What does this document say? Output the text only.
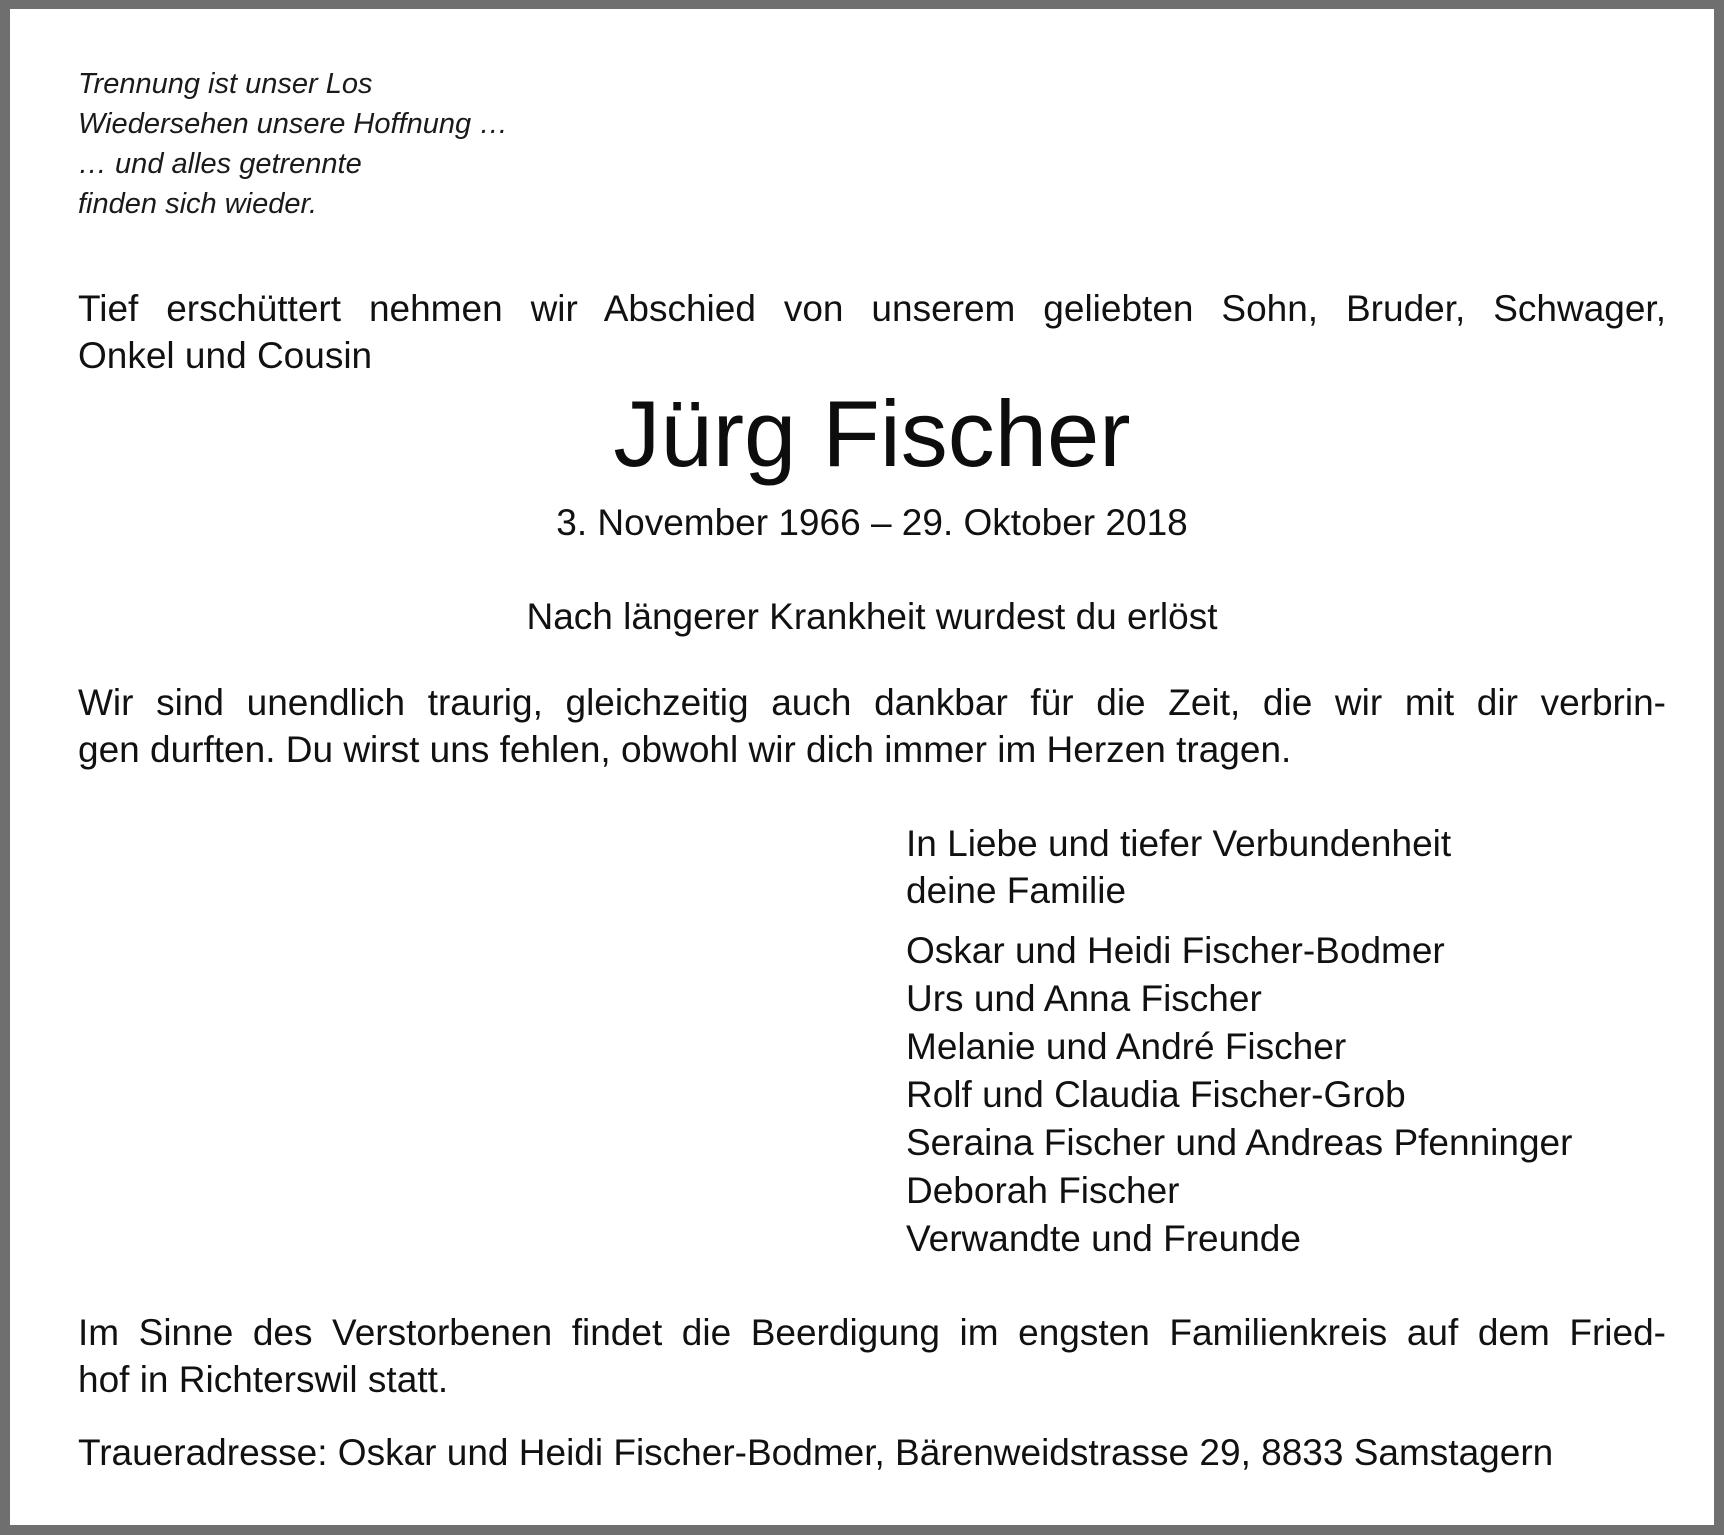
Trennung ist unser Los
Wiedersehen unsere Hoffnung …
… und alles getrennte
finden sich wieder.
Tief erschüttert nehmen wir Abschied von unserem geliebten Sohn, Bruder, Schwager,
Onkel und Cousin
Jürg Fischer
3. November 1966 – 29. Oktober 2018
Nach längerer Krankheit wurdest du erlöst
Wir sind unendlich traurig, gleichzeitig auch dankbar für die Zeit, die wir mit dir verbrin-
gen durften. Du wirst uns fehlen, obwohl wir dich immer im Herzen tragen.
In Liebe und tiefer Verbundenheit
deine Familie
Oskar und Heidi Fischer-Bodmer
Urs und Anna Fischer
Melanie und André Fischer
Rolf und Claudia Fischer-Grob
Seraina Fischer und Andreas Pfenninger
Deborah Fischer
Verwandte und Freunde
Im Sinne des Verstorbenen findet die Beerdigung im engsten Familienkreis auf dem Fried-
hof in Richterswil statt.
Traueradresse: Oskar und Heidi Fischer-Bodmer, Bärenweidstrasse 29, 8833 Samstagern
